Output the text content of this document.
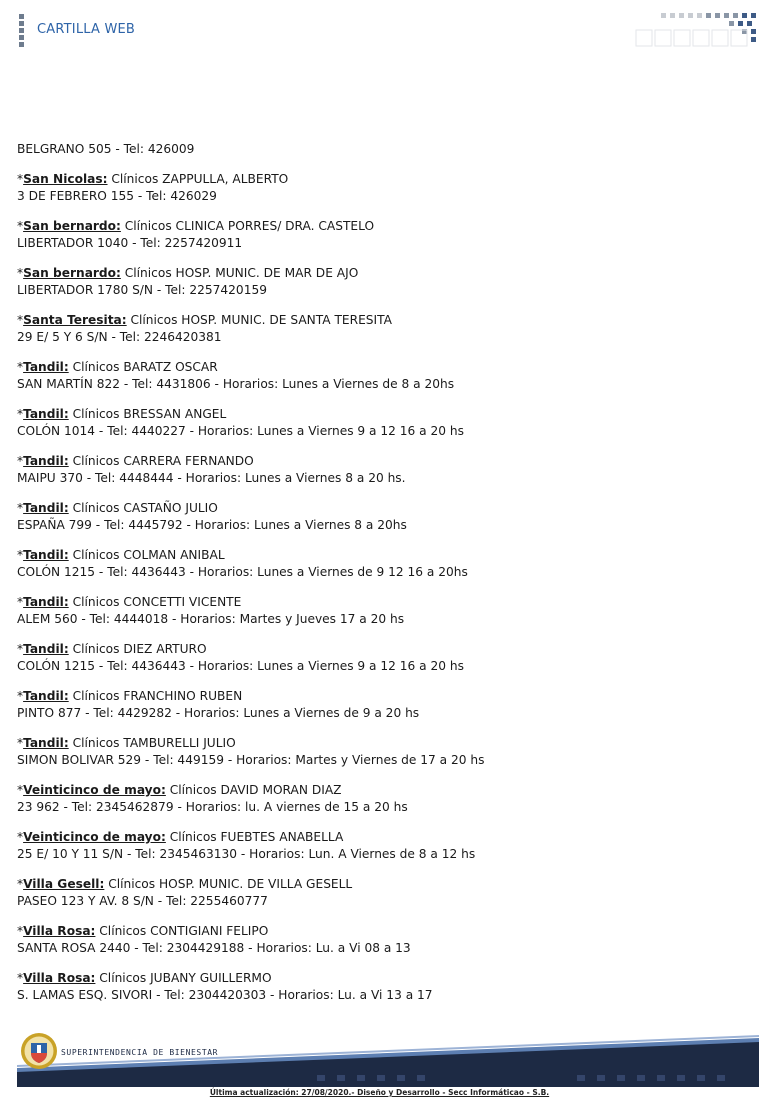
CARTILLA WEB

BELGRANO 505 - Tel: 426009

*San Nicolas: Clínicos ZAPPULLA, ALBERTO
3 DE FEBRERO 155 - Tel: 426029

*San bernardo: Clínicos CLINICA PORRES/ DRA. CASTELO
LIBERTADOR 1040 - Tel: 2257420911

*San bernardo: Clínicos HOSP. MUNIC. DE MAR DE AJO
LIBERTADOR 1780 S/N - Tel: 2257420159

*Santa Teresita: Clínicos HOSP. MUNIC. DE SANTA TERESITA
29 E/ 5 Y 6 S/N - Tel: 2246420381

*Tandil: Clínicos BARATZ OSCAR
SAN MARTÍN 822 - Tel: 4431806 - Horarios: Lunes a Viernes de 8 a 20hs

*Tandil: Clínicos BRESSAN ANGEL
COLÓN 1014 - Tel: 4440227 - Horarios: Lunes a Viernes 9 a 12 16 a 20 hs

*Tandil: Clínicos CARRERA FERNANDO
MAIPU 370 - Tel: 4448444 - Horarios: Lunes a Viernes 8 a 20 hs.

*Tandil: Clínicos CASTAÑO JULIO
ESPAÑA 799 - Tel: 4445792 - Horarios: Lunes a Viernes 8 a 20hs

*Tandil: Clínicos COLMAN ANIBAL
COLÓN 1215 - Tel: 4436443 - Horarios: Lunes a Viernes de 9 12 16 a 20hs

*Tandil: Clínicos CONCETTI VICENTE
ALEM 560 - Tel: 4444018 - Horarios: Martes y Jueves 17 a 20 hs

*Tandil: Clínicos DIEZ ARTURO
COLÓN 1215 - Tel: 4436443 - Horarios: Lunes a Viernes 9 a 12 16 a 20 hs

*Tandil: Clínicos FRANCHINO RUBEN
PINTO 877 - Tel: 4429282 - Horarios: Lunes a Viernes de 9 a 20 hs

*Tandil: Clínicos TAMBURELLI JULIO
SIMON BOLIVAR 529 - Tel: 449159 - Horarios: Martes y Viernes de 17 a 20 hs

*Veinticinco de mayo: Clínicos DAVID MORAN DIAZ
23 962 - Tel: 2345462879 - Horarios: lu. A viernes de 15 a 20 hs

*Veinticinco de mayo: Clínicos FUEBTES ANABELLA
25 E/ 10 Y 11 S/N - Tel: 2345463130 - Horarios: Lun. A Viernes de 8 a 12 hs

*Villa Gesell: Clínicos HOSP. MUNIC. DE VILLA GESELL
PASEO 123 Y AV. 8 S/N - Tel: 2255460777

*Villa Rosa: Clínicos CONTIGIANI FELIPO
SANTA ROSA 2440 - Tel: 2304429188 - Horarios: Lu. a Vi 08 a 13

*Villa Rosa: Clínicos JUBANY GUILLERMO
S. LAMAS ESQ. SIVORI - Tel: 2304420303 - Horarios: Lu. a Vi 13 a 17

SUPERINTENDENCIA DE BIENESTAR
Última actualización: 27/08/2020.- Diseño y Desarrollo - Secc Informáticao - S.B.
